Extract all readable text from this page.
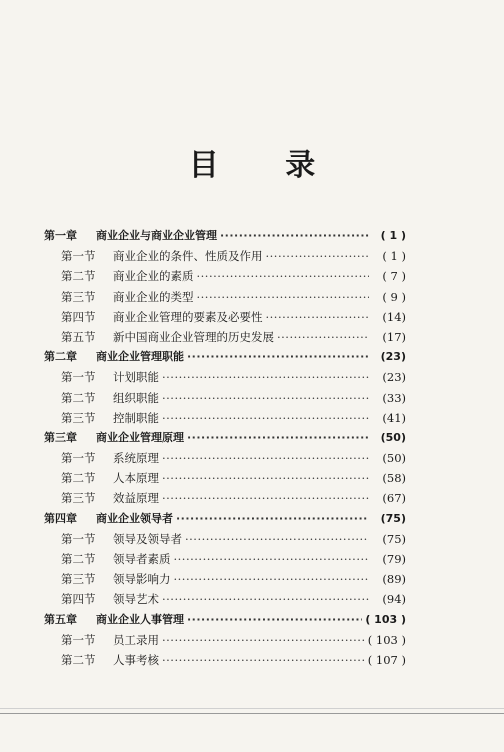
目 录
第一章	商业企业与商业企业管理 ·····	( 1 )
第一节	商业企业的条件、性质及作用 ·····	( 1 )
第二节	商业企业的素质 ·····	( 7 )
第三节	商业企业的类型 ·····	( 9 )
第四节	商业企业管理的要素及必要性 ·····	(14)
第五节	新中国商业企业管理的历史发展 ·····	(17)
第二章	商业企业管理职能 ·····	(23)
第一节	计划职能 ·····	(23)
第二节	组织职能 ·····	(33)
第三节	控制职能 ·····	(41)
第三章	商业企业管理原理 ·····	(50)
第一节	系统原理 ·····	(50)
第二节	人本原理 ·····	(58)
第三节	效益原理 ·····	(67)
第四章	商业企业领导者 ·····	(75)
第一节	领导及领导者 ·····	(75)
第二节	领导者素质 ·····	(79)
第三节	领导影响力 ·····	(89)
第四节	领导艺术 ·····	(94)
第五章	商业企业人事管理 ·····	( 103 )
第一节	员工录用 ·····	( 103 )
第二节	人事考核 ·····	( 107 )
